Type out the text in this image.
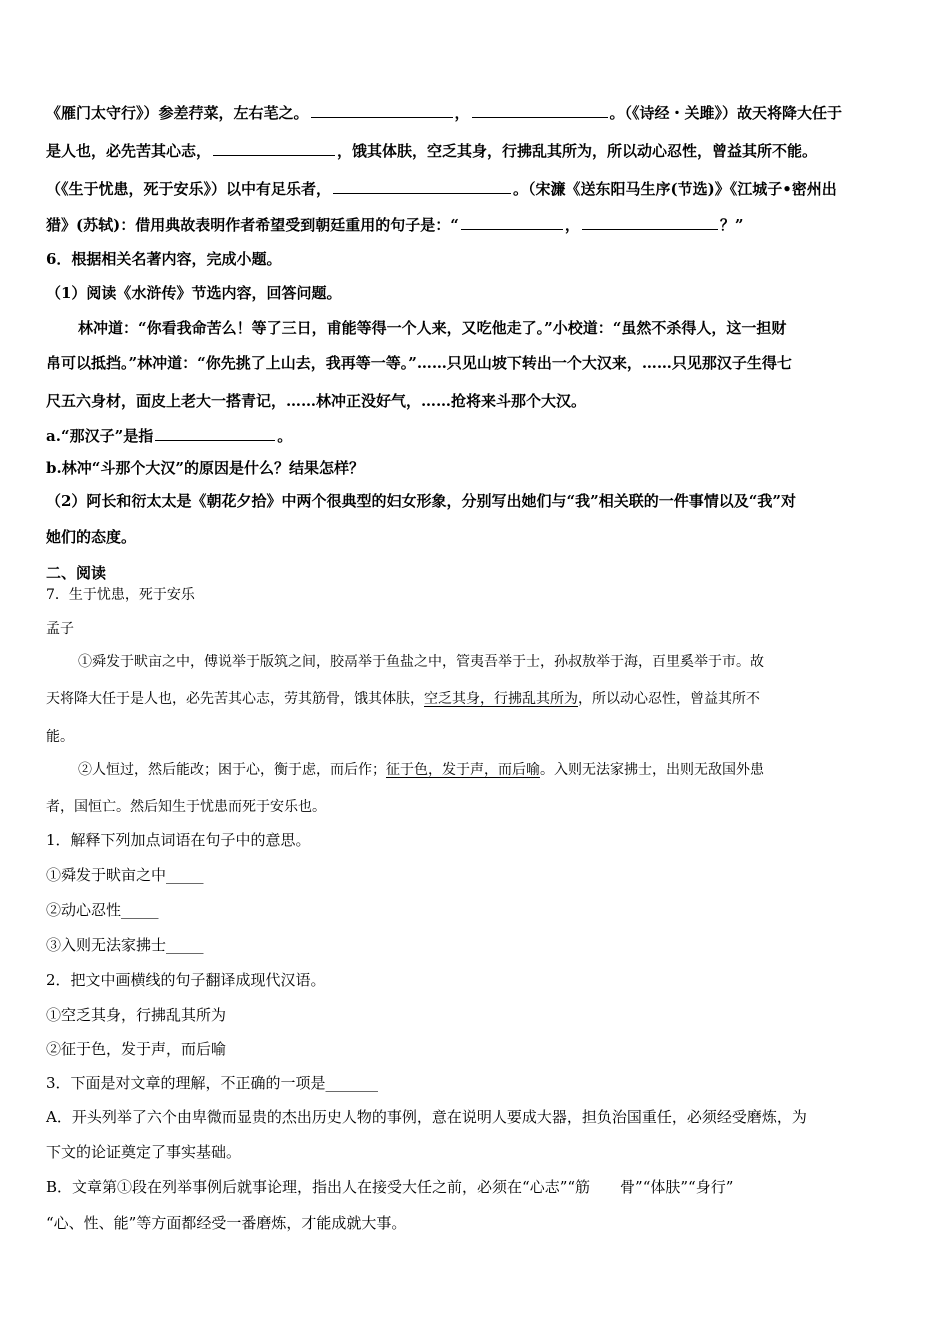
《雁门太守行》）参差荇菜，左右芼之。	，	。（《诗经・关雎》）故天将降大任于
是人也，必先苦其心志，	，饿其体肤，空乏其身，行拂乱其所为，所以动心忍性，曾益其所不能。
（《生于忧患，死于安乐》）以中有足乐者，	。（宋濂《送东阳马生序(节选)》《江城子•密州出
猎》(苏轼)：借用典故表明作者希望受到朝廷重用的句子是：“	，	？”
6．根据相关名著内容，完成小题。
（1）阅读《水浒传》节选内容，回答问题。
林冲道：“你看我命苦么！等了三日，甫能等得一个人来，又吃他走了。”小校道：“虽然不杀得人，这一担财
帛可以抵挡。”林冲道：“你先挑了上山去，我再等一等。”……只见山坡下转出一个大汉来，……只见那汉子生得七
尺五六身材，面皮上老大一搭青记，……林冲正没好气，……抢将来斗那个大汉。
a.“那汉子”是指	。
b.林冲“斗那个大汉”的原因是什么？结果怎样？
（2）阿长和衍太太是《朝花夕拾》中两个很典型的妇女形象，分别写出她们与“我”相关联的一件事情以及“我”对
她们的态度。
二、阅读
7．生于忧患，死于安乐
孟子
①舜发于畎亩之中，傅说举于版筑之间，胶鬲举于鱼盐之中，管夷吾举于士，孙叔敖举于海，百里奚举于市。故
天将降大任于是人也，必先苦其心志，劳其筋骨，饿其体肤，空乏其身，行拂乱其所为，所以动心忍性，曾益其所不
能。
②人恒过，然后能改；困于心，衡于虑，而后作；征于色，发于声，而后喻。入则无法家拂士，出则无敌国外患
者，国恒亡。然后知生于忧患而死于安乐也。
1．解释下列加点词语在句子中的意思。
①舜发于畎亩之中_____
②动心忍性_____
③入则无法家拂士_____
2．把文中画横线的句子翻译成现代汉语。
①空乏其身，行拂乱其所为
②征于色，发于声，而后喻
3．下面是对文章的理解，不正确的一项是_______
A．开头列举了六个由卑微而显贵的杰出历史人物的事例，意在说明人要成大器，担负治国重任，必须经受磨炼，为
下文的论证奠定了事实基础。
B．文章第①段在列举事例后就事论理，指出人在接受大任之前，必须在“心志”“筋　　骨”“体肤”“身行”
“心、性、能”等方面都经受一番磨炼，才能成就大事。
